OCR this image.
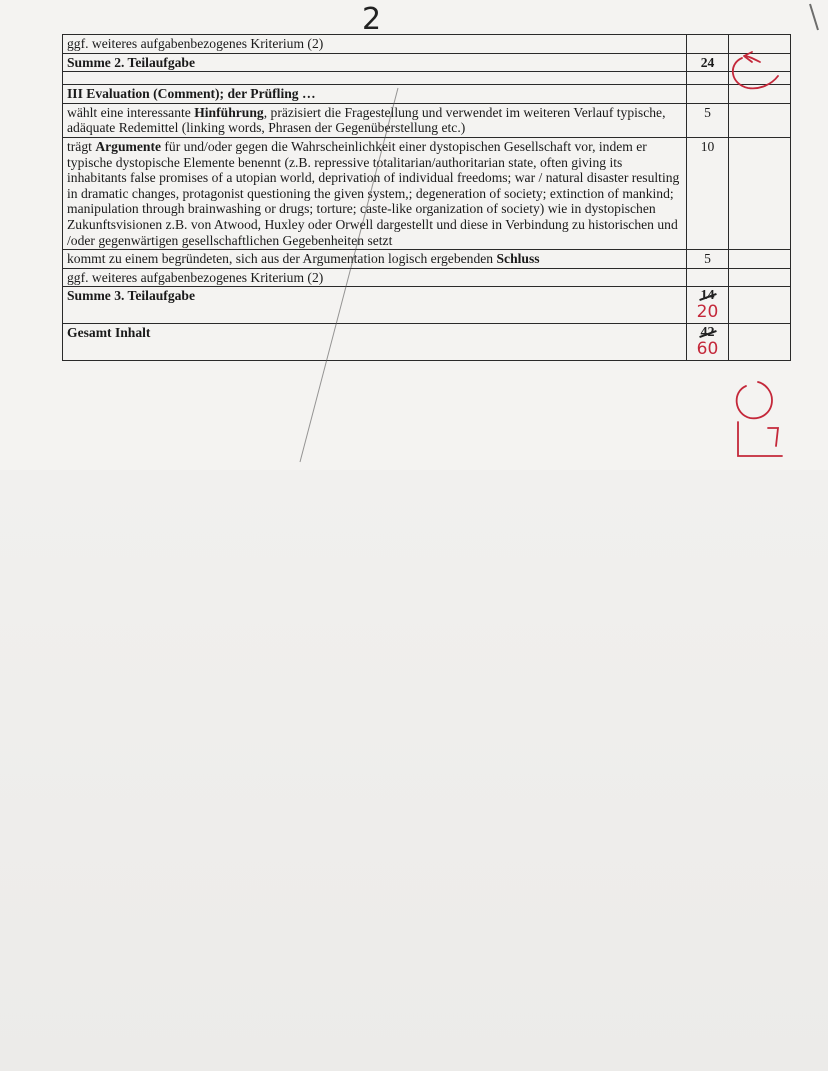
2
ggf. weiteres aufgabenbezogenes Kriterium (2)		
Summe 2. Teilaufgabe	24	

III Evaluation (Comment); der Prüfling …		
wählt eine interessante Hinführung, präzisiert die Fragestellung und verwendet im weiteren Verlauf typische, adäquate Redemittel (linking words, Phrasen der Gegenüberstellung etc.)	5	
trägt Argumente für und/oder gegen die Wahrscheinlichkeit einer dystopischen Gesellschaft vor, indem er typische dystopische Elemente benennt (z.B. repressive totalitarian/authoritarian state, often giving its inhabitants false promises of a utopian world, deprivation of individual freedoms; war / natural disaster resulting in dramatic changes, protagonist questioning the given system,; degeneration of society; extinction of mankind; manipulation through brainwashing or drugs; torture; caste-like organization of society) wie in dystopischen Zukunftsvisionen z.B. von Atwood, Huxley oder Orwell dargestellt und diese in Verbindung zu historischen und /oder gegenwärtigen gesellschaftlichen Gegebenheiten setzt	10	
kommt zu einem begründeten, sich aus der Argumentation logisch ergebenden Schluss	5	
ggf. weiteres aufgabenbezogenes Kriterium (2)		
Summe 3. Teilaufgabe	14
20	

Gesamt Inhalt	42
60	
